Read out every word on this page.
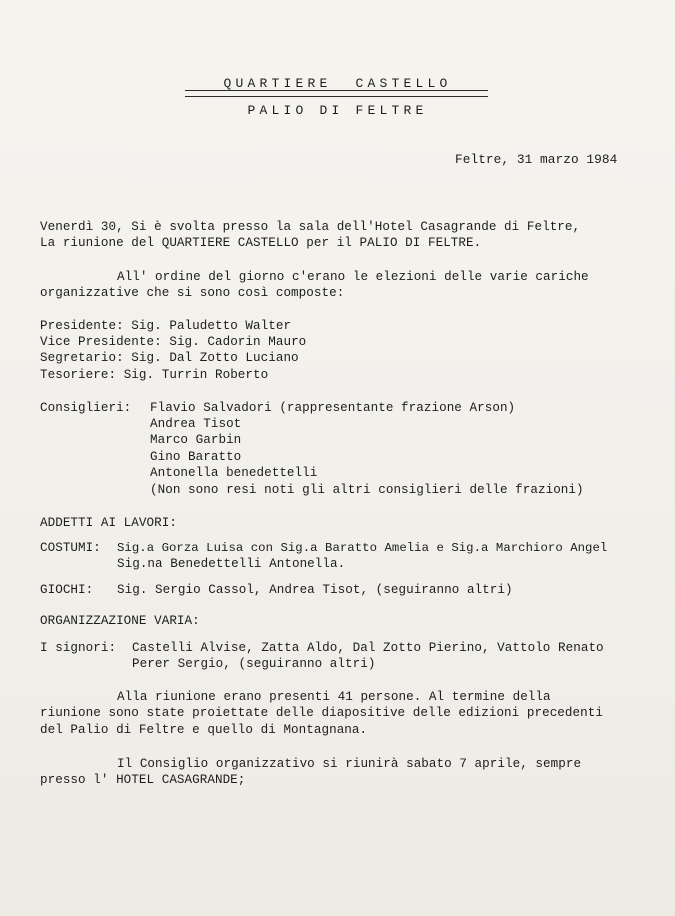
QUARTIERE  CASTELLO
PALIO DI FELTRE
Feltre, 31 marzo 1984
Venerdì 30, Si è svolta presso la sala dell'Hotel Casagrande di Feltre,
La riunione del QUARTIERE CASTELLO per il PALIO DI FELTRE.
All' ordine del giorno c'erano le elezioni delle varie cariche
organizzative che si sono così composte:
Presidente: Sig. Paludetto Walter
Vice Presidente: Sig. Cadorin Mauro
Segretario: Sig. Dal Zotto Luciano
Tesoriere: Sig. Turrin Roberto
Consiglieri: Flavio Salvadori (rappresentante frazione Arson)
Andrea Tisot
Marco Garbin
Gino Baratto
Antonella benedettelli
(Non sono resi noti gli altri consiglieri delle frazioni)
ADDETTI AI LAVORI:
COSTUMI: Sig.a Gorza Luisa con Sig.a Baratto Amelia e Sig.a Marchioro Angel
Sig.na Benedettelli Antonella.
GIOCHI: Sig. Sergio Cassol, Andrea Tisot, (seguiranno altri)
ORGANIZZAZIONE VARIA:
I signori: Castelli Alvise, Zatta Aldo, Dal Zotto Pierino, Vattolo Renato
Perer Sergio, (seguiranno altri)
Alla riunione erano presenti 41 persone. Al termine della
riunione sono state proiettate delle diapositive delle edizioni precedenti
del Palio di Feltre e quello di Montagnana.
Il Consiglio organizzativo si riunirà sabato 7 aprile, sempre
presso l' HOTEL CASAGRANDE;
